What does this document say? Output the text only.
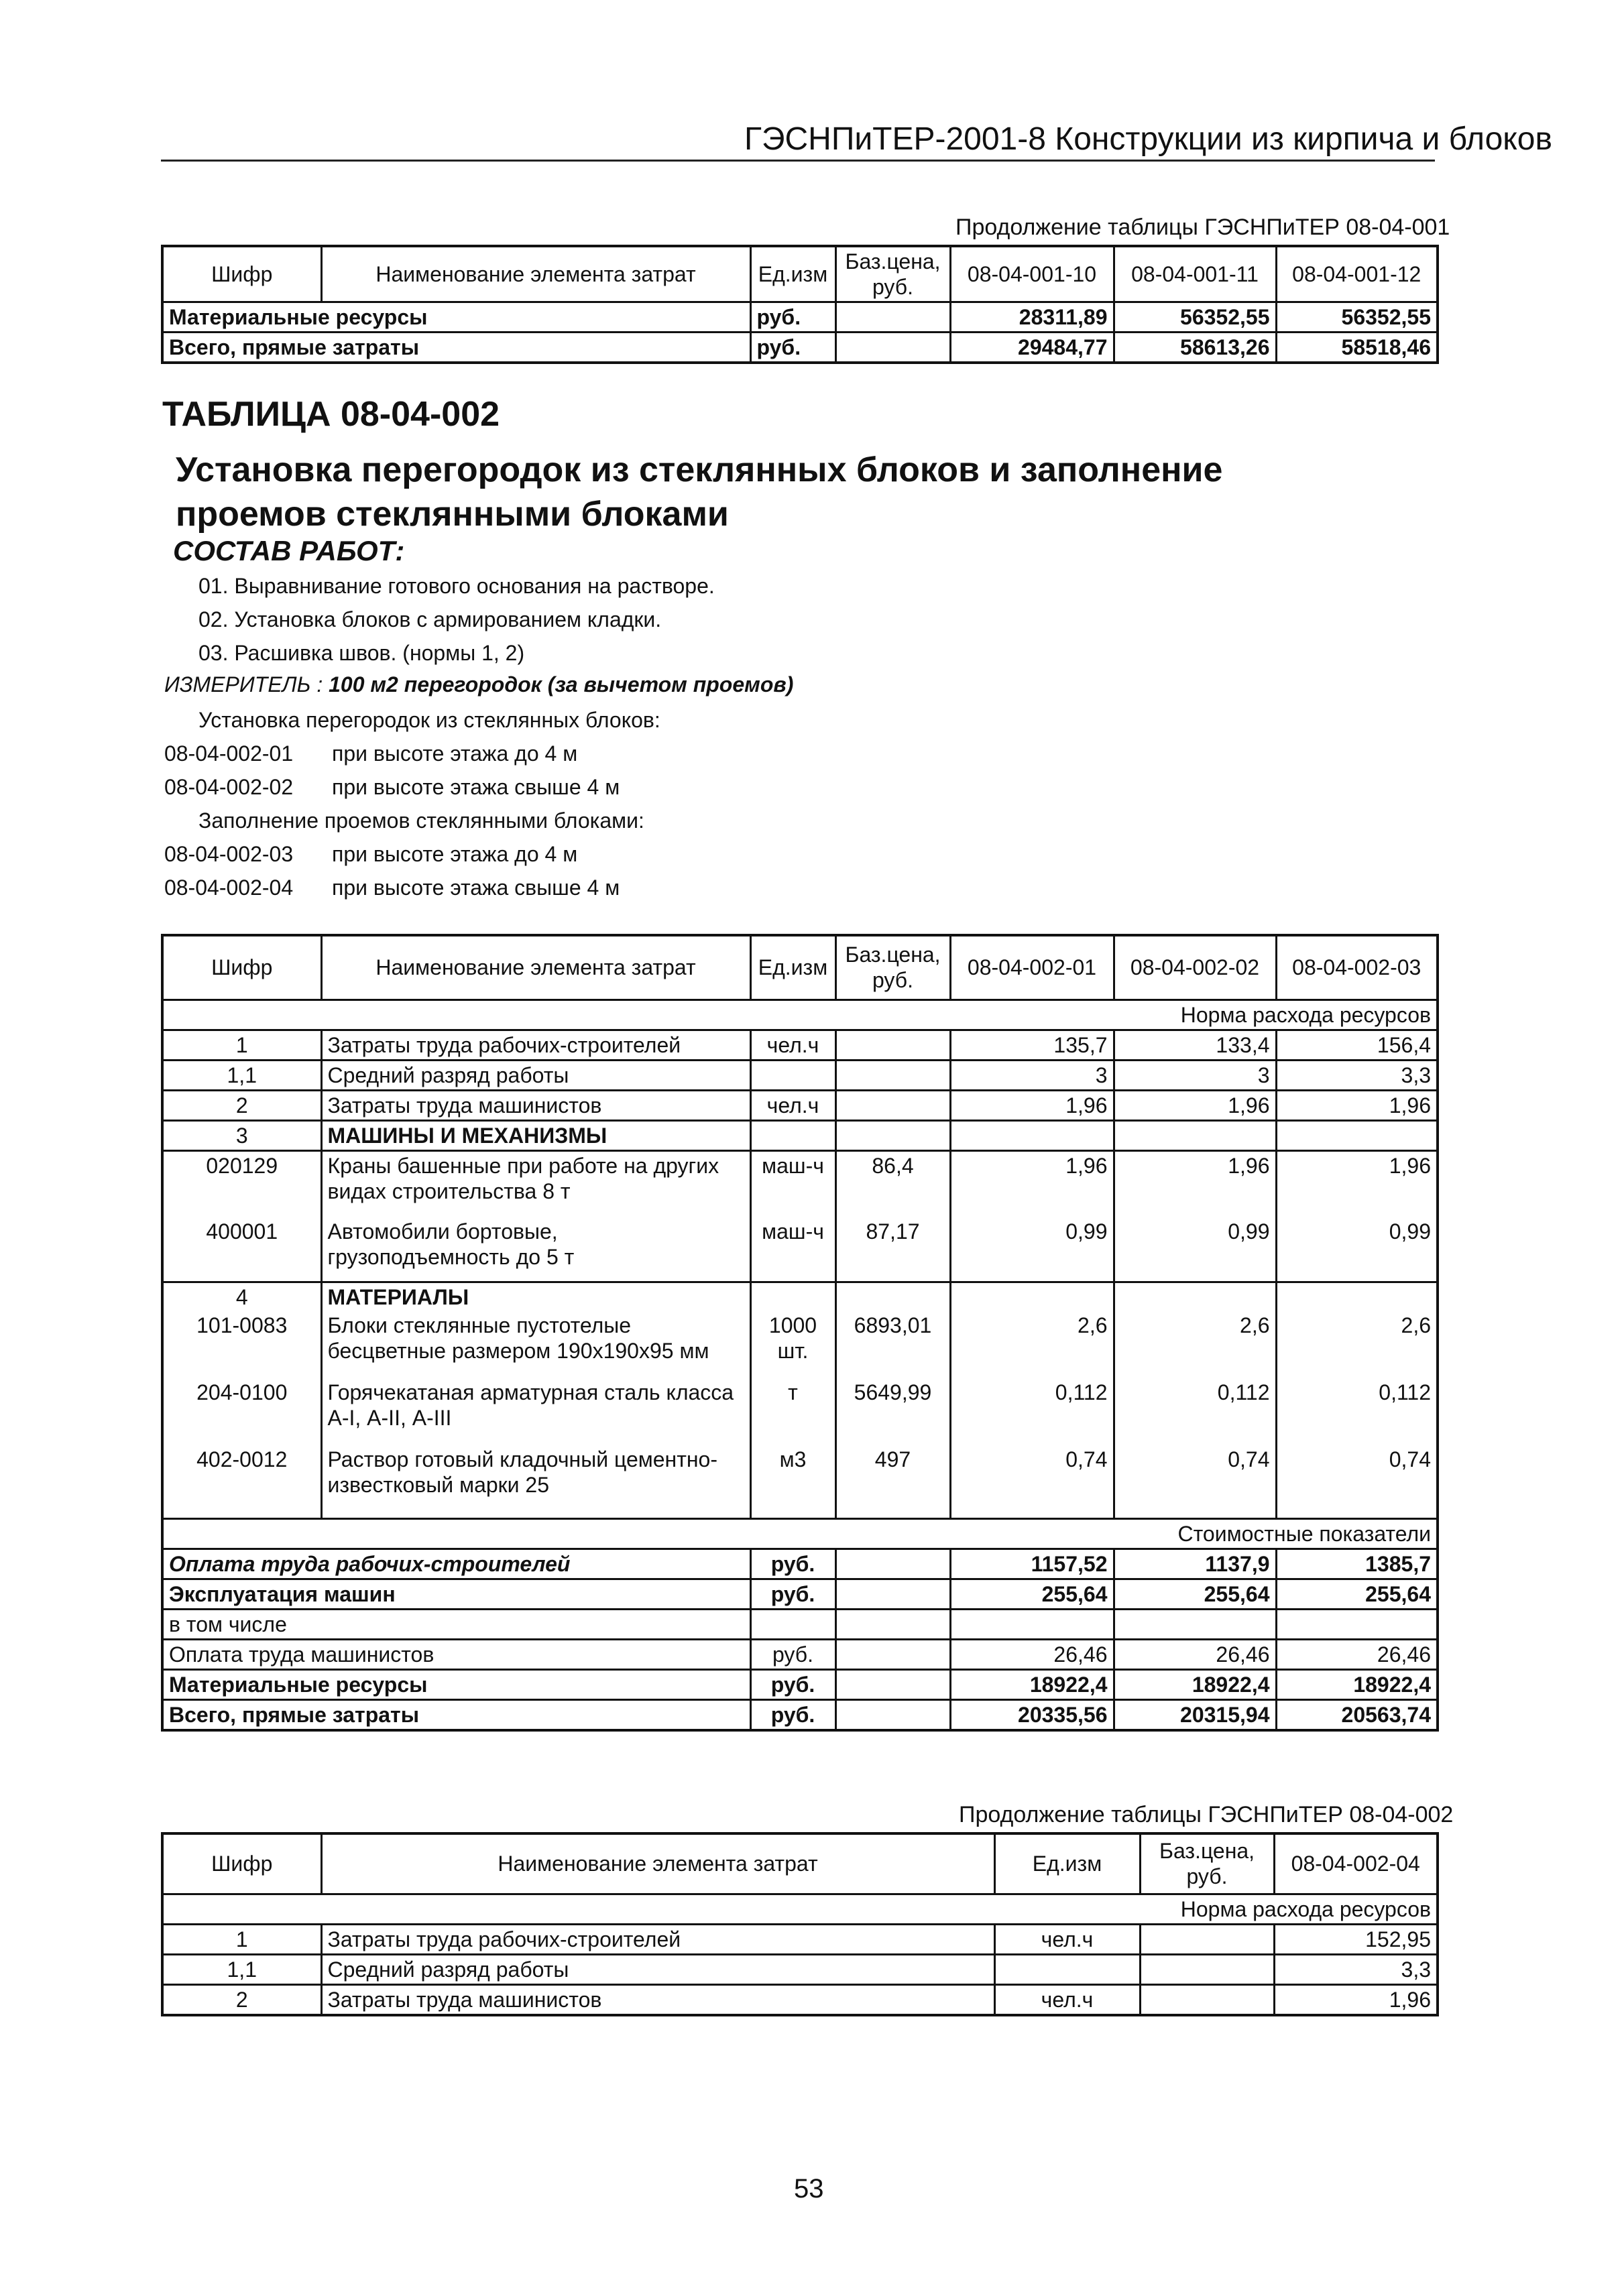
ГЭСНПиТЕР-2001-8 Конструкции из кирпича и блоков
Продолжение таблицы ГЭСНПиТЕР 08-04-001
Шифр	Наименование элемента затрат	Ед.изм	Баз.цена, руб.	08-04-001-10	08-04-001-11	08-04-001-12
Материальные ресурсы		руб.		28311,89	56352,55	56352,55
Всего, прямые затраты		руб.		29484,77	58613,26	58518,46
ТАБЛИЦА 08-04-002
Установка перегородок из стеклянных блоков и заполнение проемов стеклянными блоками
СОСТАВ РАБОТ:
01. Выравнивание готового основания на растворе.
02. Установка блоков с армированием кладки.
03. Расшивка швов. (нормы 1, 2)
ИЗМЕРИТЕЛЬ : 100 м2 перегородок (за вычетом проемов)
Установка перегородок из стеклянных блоков:
08-04-002-01 при высоте этажа до 4 м
08-04-002-02 при высоте этажа свыше 4 м
Заполнение проемов стеклянными блоками:
08-04-002-03 при высоте этажа до 4 м
08-04-002-04 при высоте этажа свыше 4 м
Шифр	Наименование элемента затрат	Ед.изм	Баз.цена, руб.	08-04-002-01	08-04-002-02	08-04-002-03
Норма расхода ресурсов						
1	Затраты труда рабочих-строителей	чел.ч		135,7	133,4	156,4
1,1	Средний разряд работы			3	3	3,3
2	Затраты труда машинистов	чел.ч		1,96	1,96	1,96
3	МАШИНЫ И МЕХАНИЗМЫ					
020129	Краны башенные при работе на других видах строительства 8 т	маш-ч	86,4	1,96	1,96	1,96
400001	Автомобили бортовые, грузоподъемность до 5 т	маш-ч	87,17	0,99	0,99	0,99
4	МАТЕРИАЛЫ					
101-0083	Блоки стеклянные пустотелые бесцветные размером 190х190х95 мм	1000 шт.	6893,01	2,6	2,6	2,6
204-0100	Горячекатаная арматурная сталь класса А-I, А-II, А-III	т	5649,99	0,112	0,112	0,112
402-0012	Раствор готовый кладочный цементно-известковый марки 25	м3	497	0,74	0,74	0,74
Стоимостные показатели						
Оплата труда рабочих-строителей		руб.		1157,52	1137,9	1385,7
Эксплуатация машин		руб.		255,64	255,64	255,64
в том числе						
Оплата труда машинистов		руб.		26,46	26,46	26,46
Материальные ресурсы		руб.		18922,4	18922,4	18922,4
Всего, прямые затраты		руб.		20335,56	20315,94	20563,74
Продолжение таблицы ГЭСНПиТЕР 08-04-002
Шифр	Наименование элемента затрат	Ед.изм	Баз.цена, руб.	08-04-002-04
Норма расхода ресурсов				
1	Затраты труда рабочих-строителей	чел.ч		152,95
1,1	Средний разряд работы			3,3
2	Затраты труда машинистов	чел.ч		1,96
53
